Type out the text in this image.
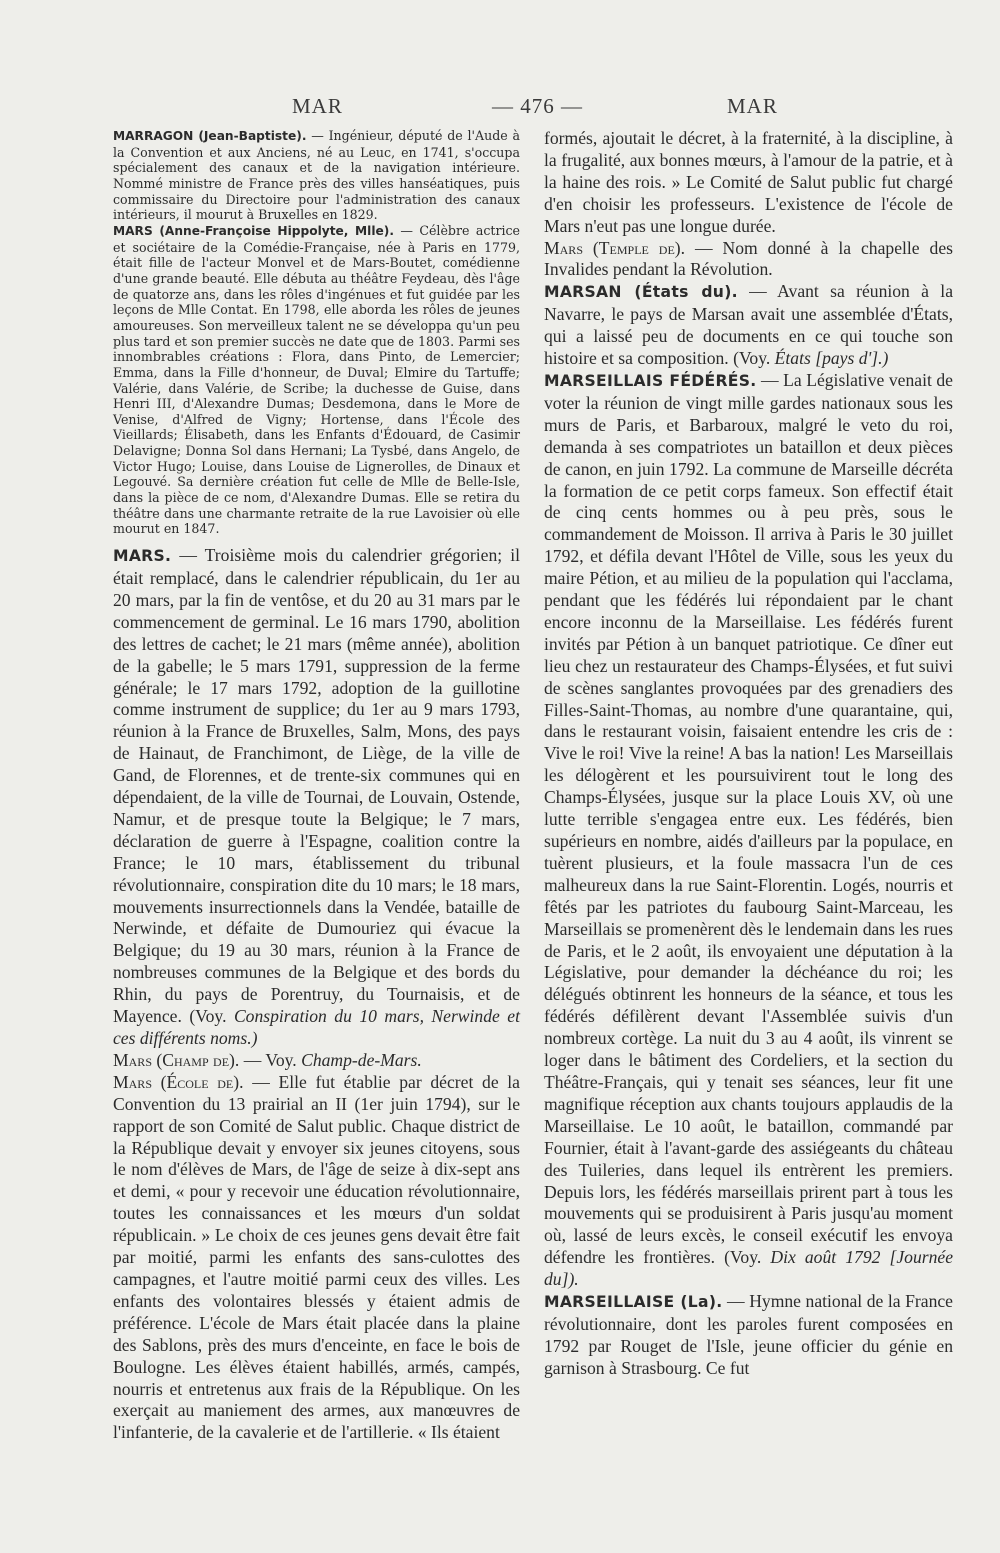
MAR	— 476 —	MAR

MARRAGON (Jean-Baptiste). — Ingénieur, député de l'Aude à la Convention et aux Anciens, né au Leuc, en 1741, s'occupa spécialement des canaux et de la navigation intérieure. Nommé ministre de France près des villes hanséatiques, puis commissaire du Directoire pour l'administration des canaux intérieurs, il mourut à Bruxelles en 1829.

MARS (Anne-Françoise Hippolyte, Mlle). — Célèbre actrice et sociétaire de la Comédie-Française, née à Paris en 1779, était fille de l'acteur Monvel et de Mars-Boutet, comédienne d'une grande beauté. Elle débuta au théâtre Feydeau, dès l'âge de quatorze ans, dans les rôles d'ingénues et fut guidée par les leçons de Mlle Contat. En 1798, elle aborda les rôles de jeunes amoureuses. Son merveilleux talent ne se développa qu'un peu plus tard et son premier succès ne date que de 1803. Parmi ses innombrables créations : Flora, dans Pinto, de Lemercier; Emma, dans la Fille d'honneur, de Duval; Elmire du Tartuffe; Valérie, dans Valérie, de Scribe; la duchesse de Guise, dans Henri III, d'Alexandre Dumas; Desdemona, dans le More de Venise, d'Alfred de Vigny; Hortense, dans l'École des Vieillards; Élisabeth, dans les Enfants d'Édouard, de Casimir Delavigne; Donna Sol dans Hernani; La Tysbé, dans Angelo, de Victor Hugo; Louise, dans Louise de Lignerolles, de Dinaux et Legouvé. Sa dernière création fut celle de Mlle de Belle-Isle, dans la pièce de ce nom, d'Alexandre Dumas. Elle se retira du théâtre dans une charmante retraite de la rue Lavoisier où elle mourut en 1847.

MARS. — Troisième mois du calendrier grégorien; il était remplacé, dans le calendrier républicain, du 1er au 20 mars, par la fin de ventôse, et du 20 au 31 mars par le commencement de germinal. Le 16 mars 1790, abolition des lettres de cachet; le 21 mars (même année), abolition de la gabelle; le 5 mars 1791, suppression de la ferme générale; le 17 mars 1792, adoption de la guillotine comme instrument de supplice; du 1er au 9 mars 1793, réunion à la France de Bruxelles, Salm, Mons, des pays de Hainaut, de Franchimont, de Liège, de la ville de Gand, de Florennes, et de trente-six communes qui en dépendaient, de la ville de Tournai, de Louvain, Ostende, Namur, et de presque toute la Belgique; le 7 mars, déclaration de guerre à l'Espagne, coalition contre la France; le 10 mars, établissement du tribunal révolutionnaire, conspiration dite du 10 mars; le 18 mars, mouvements insurrectionnels dans la Vendée, bataille de Nerwinde, et défaite de Dumouriez qui évacue la Belgique; du 19 au 30 mars, réunion à la France de nombreuses communes de la Belgique et des bords du Rhin, du pays de Porentruy, du Tournaisis, et de Mayence. (Voy. Conspiration du 10 mars, Nerwinde et ces différents noms.)

Mars (Champ de). — Voy. Champ-de-Mars.

Mars (École de). — Elle fut établie par décret de la Convention du 13 prairial an II (1er juin 1794), sur le rapport de son Comité de Salut public. Chaque district de la République devait y envoyer six jeunes citoyens, sous le nom d'élèves de Mars, de l'âge de seize à dix-sept ans et demi, « pour y recevoir une éducation révolutionnaire, toutes les connaissances et les mœurs d'un soldat républicain. » Le choix de ces jeunes gens devait être fait par moitié, parmi les enfants des sans-culottes des campagnes, et l'autre moitié parmi ceux des villes. Les enfants des volontaires blessés y étaient admis de préférence. L'école de Mars était placée dans la plaine des Sablons, près des murs d'enceinte, en face le bois de Boulogne. Les élèves étaient habillés, armés, campés, nourris et entretenus aux frais de la République. On les exerçait au maniement des armes, aux manœuvres de l'infanterie, de la cavalerie et de l'artillerie. « Ils étaient

formés, ajoutait le décret, à la fraternité, à la discipline, à la frugalité, aux bonnes mœurs, à l'amour de la patrie, et à la haine des rois. » Le Comité de Salut public fut chargé d'en choisir les professeurs. L'existence de l'école de Mars n'eut pas une longue durée.

Mars (Temple de). — Nom donné à la chapelle des Invalides pendant la Révolution.

MARSAN (États du). — Avant sa réunion à la Navarre, le pays de Marsan avait une assemblée d'États, qui a laissé peu de documents en ce qui touche son histoire et sa composition. (Voy. États [pays d'].)

MARSEILLAIS FÉDÉRÉS. — La Législative venait de voter la réunion de vingt mille gardes nationaux sous les murs de Paris, et Barbaroux, malgré le veto du roi, demanda à ses compatriotes un bataillon et deux pièces de canon, en juin 1792. La commune de Marseille décréta la formation de ce petit corps fameux. Son effectif était de cinq cents hommes ou à peu près, sous le commandement de Moisson. Il arriva à Paris le 30 juillet 1792, et défila devant l'Hôtel de Ville, sous les yeux du maire Pétion, et au milieu de la population qui l'acclama, pendant que les fédérés lui répondaient par le chant encore inconnu de la Marseillaise. Les fédérés furent invités par Pétion à un banquet patriotique. Ce dîner eut lieu chez un restaurateur des Champs-Élysées, et fut suivi de scènes sanglantes provoquées par des grenadiers des Filles-Saint-Thomas, au nombre d'une quarantaine, qui, dans le restaurant voisin, faisaient entendre les cris de : Vive le roi! Vive la reine! A bas la nation! Les Marseillais les délogèrent et les poursuivirent tout le long des Champs-Élysées, jusque sur la place Louis XV, où une lutte terrible s'engagea entre eux. Les fédérés, bien supérieurs en nombre, aidés d'ailleurs par la populace, en tuèrent plusieurs, et la foule massacra l'un de ces malheureux dans la rue Saint-Florentin. Logés, nourris et fêtés par les patriotes du faubourg Saint-Marceau, les Marseillais se promenèrent dès le lendemain dans les rues de Paris, et le 2 août, ils envoyaient une députation à la Législative, pour demander la déchéance du roi; les délégués obtinrent les honneurs de la séance, et tous les fédérés défilèrent devant l'Assemblée suivis d'un nombreux cortège. La nuit du 3 au 4 août, ils vinrent se loger dans le bâtiment des Cordeliers, et la section du Théâtre-Français, qui y tenait ses séances, leur fit une magnifique réception aux chants toujours applaudis de la Marseillaise. Le 10 août, le bataillon, commandé par Fournier, était à l'avant-garde des assiégeants du château des Tuileries, dans lequel ils entrèrent les premiers. Depuis lors, les fédérés marseillais prirent part à tous les mouvements qui se produisirent à Paris jusqu'au moment où, lassé de leurs excès, le conseil exécutif les envoya défendre les frontières. (Voy. Dix août 1792 [Journée du]).

MARSEILLAISE (La). — Hymne national de la France révolutionnaire, dont les paroles furent composées en 1792 par Rouget de l'Isle, jeune officier du génie en garnison à Strasbourg. Ce fut
